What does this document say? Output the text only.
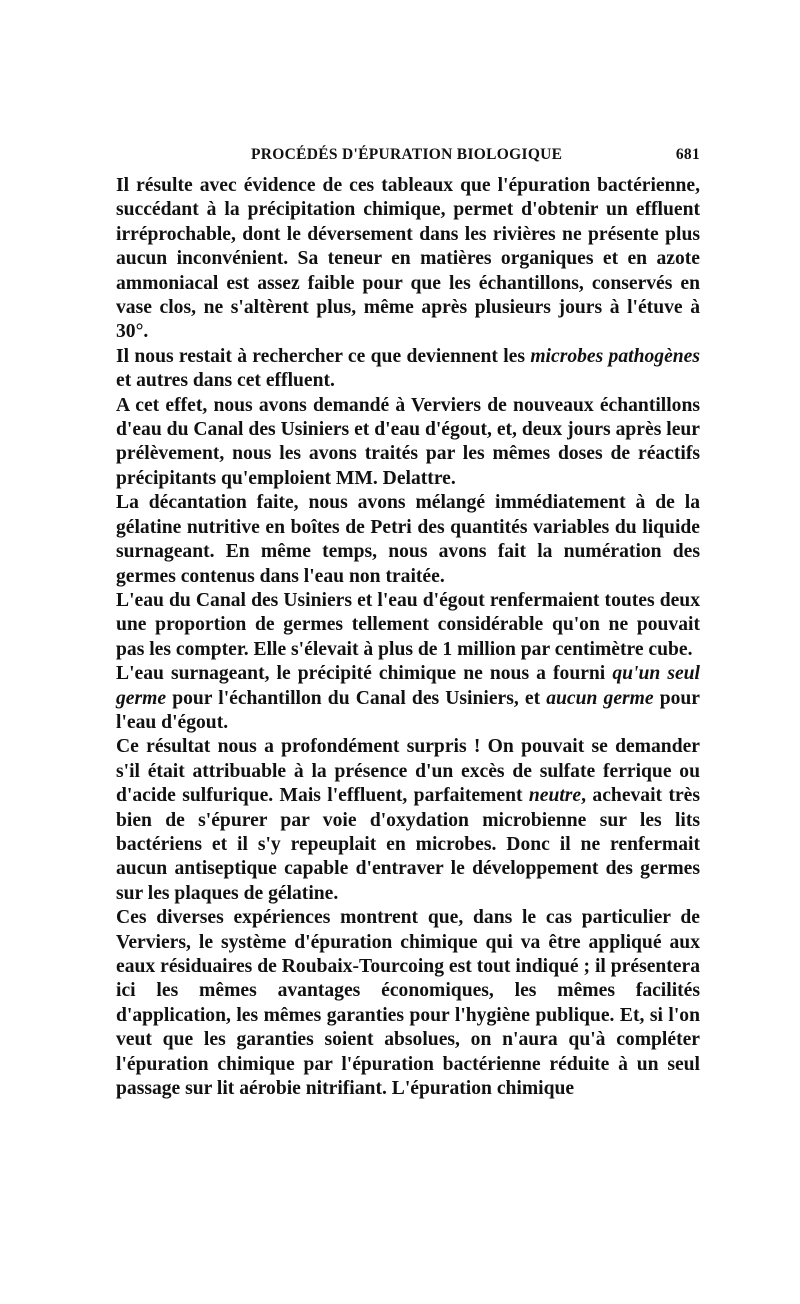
PROCÉDÉS D'ÉPURATION BIOLOGIQUE	681

Il résulte avec évidence de ces tableaux que l'épuration bactérienne, succédant à la précipitation chimique, permet d'obtenir un effluent irréprochable, dont le déversement dans les rivières ne présente plus aucun inconvénient. Sa teneur en matières organiques et en azote ammoniacal est assez faible pour que les échantillons, conservés en vase clos, ne s'altèrent plus, même après plusieurs jours à l'étuve à 30°.

Il nous restait à rechercher ce que deviennent les microbes pathogènes et autres dans cet effluent.

A cet effet, nous avons demandé à Verviers de nouveaux échantillons d'eau du Canal des Usiniers et d'eau d'égout, et, deux jours après leur prélèvement, nous les avons traités par les mêmes doses de réactifs précipitants qu'emploient MM. Delattre.

La décantation faite, nous avons mélangé immédiatement à de la gélatine nutritive en boîtes de Petri des quantités variables du liquide surnageant. En même temps, nous avons fait la numération des germes contenus dans l'eau non traitée.

L'eau du Canal des Usiniers et l'eau d'égout renfermaient toutes deux une proportion de germes tellement considérable qu'on ne pouvait pas les compter. Elle s'élevait à plus de 1 million par centimètre cube.

L'eau surnageant, le précipité chimique ne nous a fourni qu'un seul germe pour l'échantillon du Canal des Usiniers, et aucun germe pour l'eau d'égout.

Ce résultat nous a profondément surpris ! On pouvait se demander s'il était attribuable à la présence d'un excès de sulfate ferrique ou d'acide sulfurique. Mais l'effluent, parfaitement neutre, achevait très bien de s'épurer par voie d'oxydation microbienne sur les lits bactériens et il s'y repeuplait en microbes. Donc il ne renfermait aucun antiseptique capable d'entraver le développement des germes sur les plaques de gélatine.

Ces diverses expériences montrent que, dans le cas particulier de Verviers, le système d'épuration chimique qui va être appliqué aux eaux résiduaires de Roubaix-Tourcoing est tout indiqué ; il présentera ici les mêmes avantages économiques, les mêmes facilités d'application, les mêmes garanties pour l'hygiène publique. Et, si l'on veut que les garanties soient absolues, on n'aura qu'à compléter l'épuration chimique par l'épuration bactérienne réduite à un seul passage sur lit aérobie nitrifiant. L'épuration chimique
